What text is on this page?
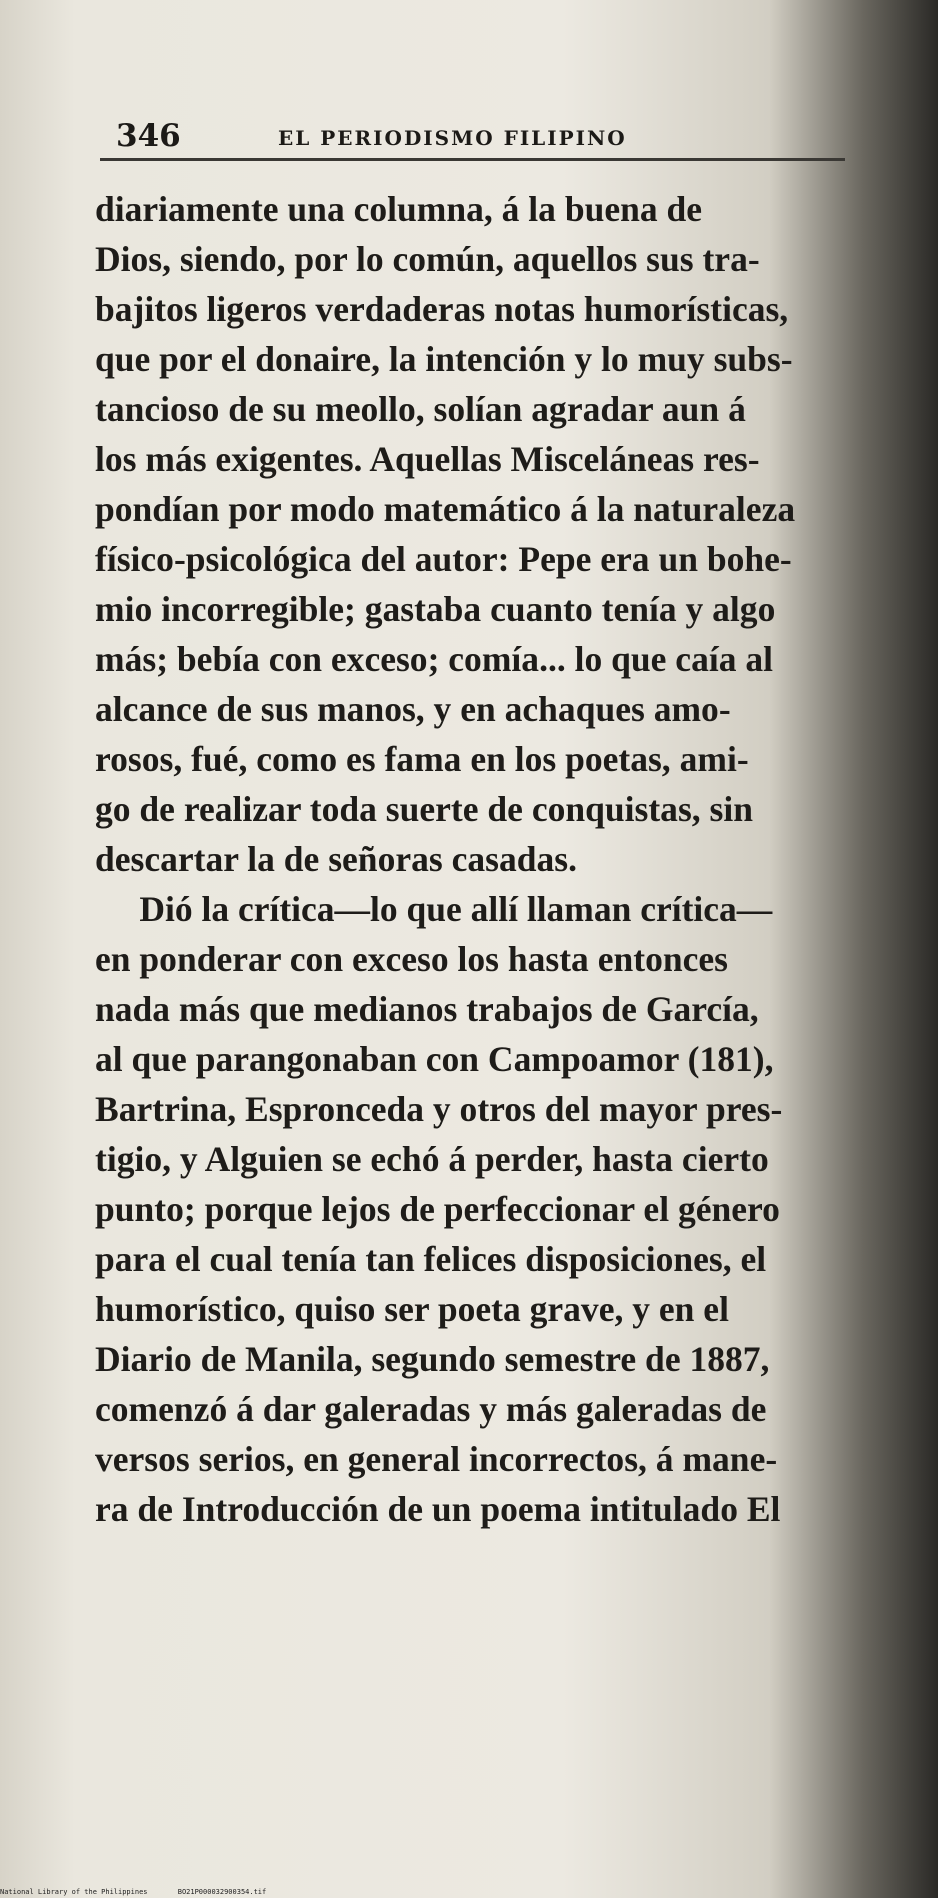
346	EL PERIODISMO FILIPINO
diariamente una columna, á la buena de
Dios, siendo, por lo común, aquellos sus tra-
bajitos ligeros verdaderas notas humorísticas,
que por el donaire, la intención y lo muy subs-
tancioso de su meollo, solían agradar aun á
los más exigentes. Aquellas Misceláneas res-
pondían por modo matemático á la naturaleza
físico-psicológica del autor: Pepe era un bohe-
mio incorregible; gastaba cuanto tenía y algo
más; bebía con exceso; comía... lo que caía al
alcance de sus manos, y en achaques amo-
rosos, fué, como es fama en los poetas, ami-
go de realizar toda suerte de conquistas, sin
descartar la de señoras casadas.
Dió la crítica—lo que allí llaman crítica—
en ponderar con exceso los hasta entonces
nada más que medianos trabajos de García,
al que parangonaban con Campoamor (181),
Bartrina, Espronceda y otros del mayor pres-
tigio, y Alguien se echó á perder, hasta cierto
punto; porque lejos de perfeccionar el género
para el cual tenía tan felices disposiciones, el
humorístico, quiso ser poeta grave, y en el
Diario de Manila, segundo semestre de 1887,
comenzó á dar galeradas y más galeradas de
versos serios, en general incorrectos, á mane-
ra de Introducción de un poema intitulado El
National Library of the Philippines	BO21P000032900354.tif
